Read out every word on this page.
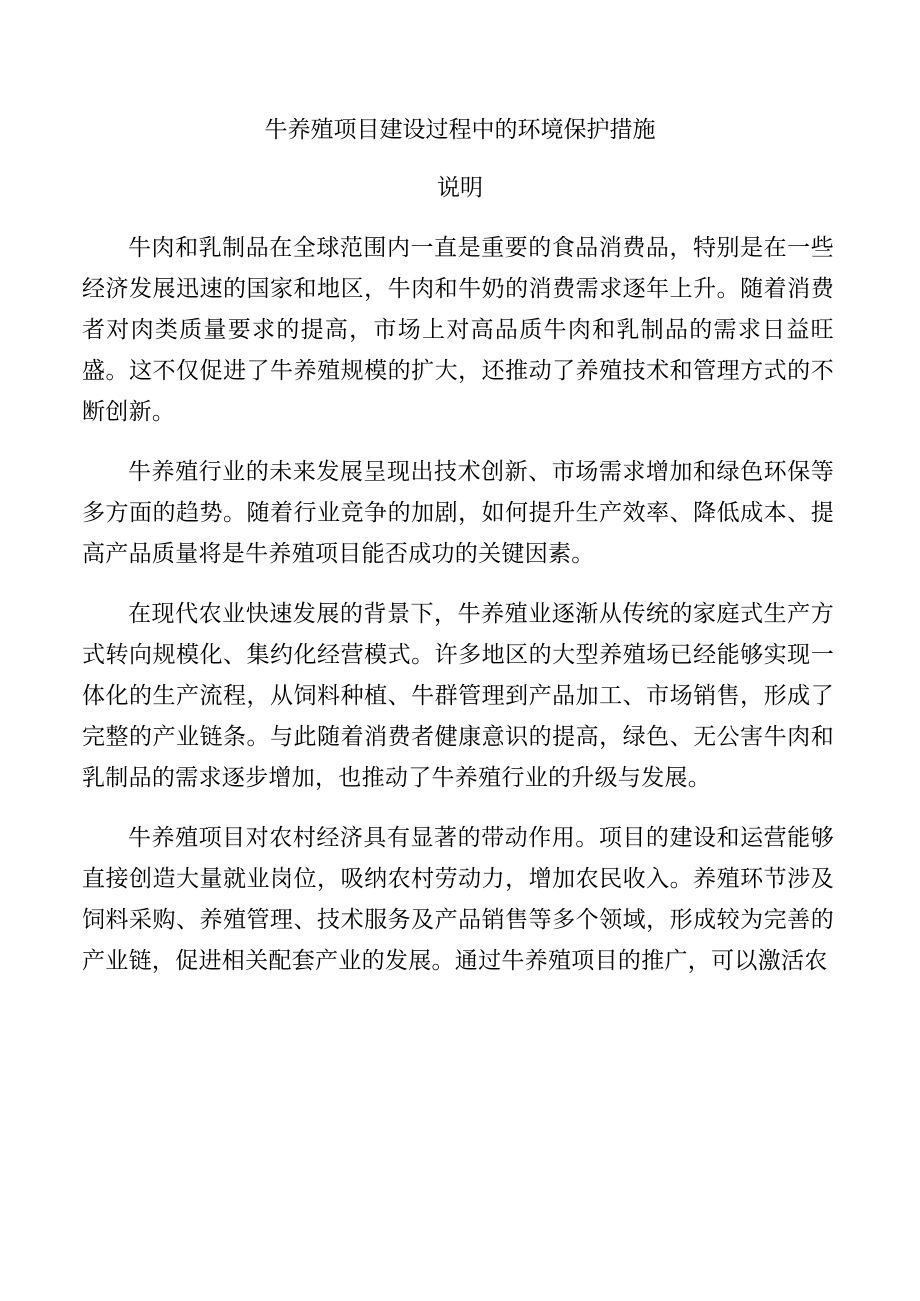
牛养殖项目建设过程中的环境保护措施
说明

牛肉和乳制品在全球范围内一直是重要的食品消费品，特别是在一些经济发展迅速的国家和地区，牛肉和牛奶的消费需求逐年上升。随着消费者对肉类质量要求的提高，市场上对高品质牛肉和乳制品的需求日益旺盛。这不仅促进了牛养殖规模的扩大，还推动了养殖技术和管理方式的不断创新。

牛养殖行业的未来发展呈现出技术创新、市场需求增加和绿色环保等多方面的趋势。随着行业竞争的加剧，如何提升生产效率、降低成本、提高产品质量将是牛养殖项目能否成功的关键因素。

在现代农业快速发展的背景下，牛养殖业逐渐从传统的家庭式生产方式转向规模化、集约化经营模式。许多地区的大型养殖场已经能够实现一体化的生产流程，从饲料种植、牛群管理到产品加工、市场销售，形成了完整的产业链条。与此随着消费者健康意识的提高，绿色、无公害牛肉和乳制品的需求逐步增加，也推动了牛养殖行业的升级与发展。

牛养殖项目对农村经济具有显著的带动作用。项目的建设和运营能够直接创造大量就业岗位，吸纳农村劳动力，增加农民收入。养殖环节涉及饲料采购、养殖管理、技术服务及产品销售等多个领域，形成较为完善的产业链，促进相关配套产业的发展。通过牛养殖项目的推广，可以激活农
